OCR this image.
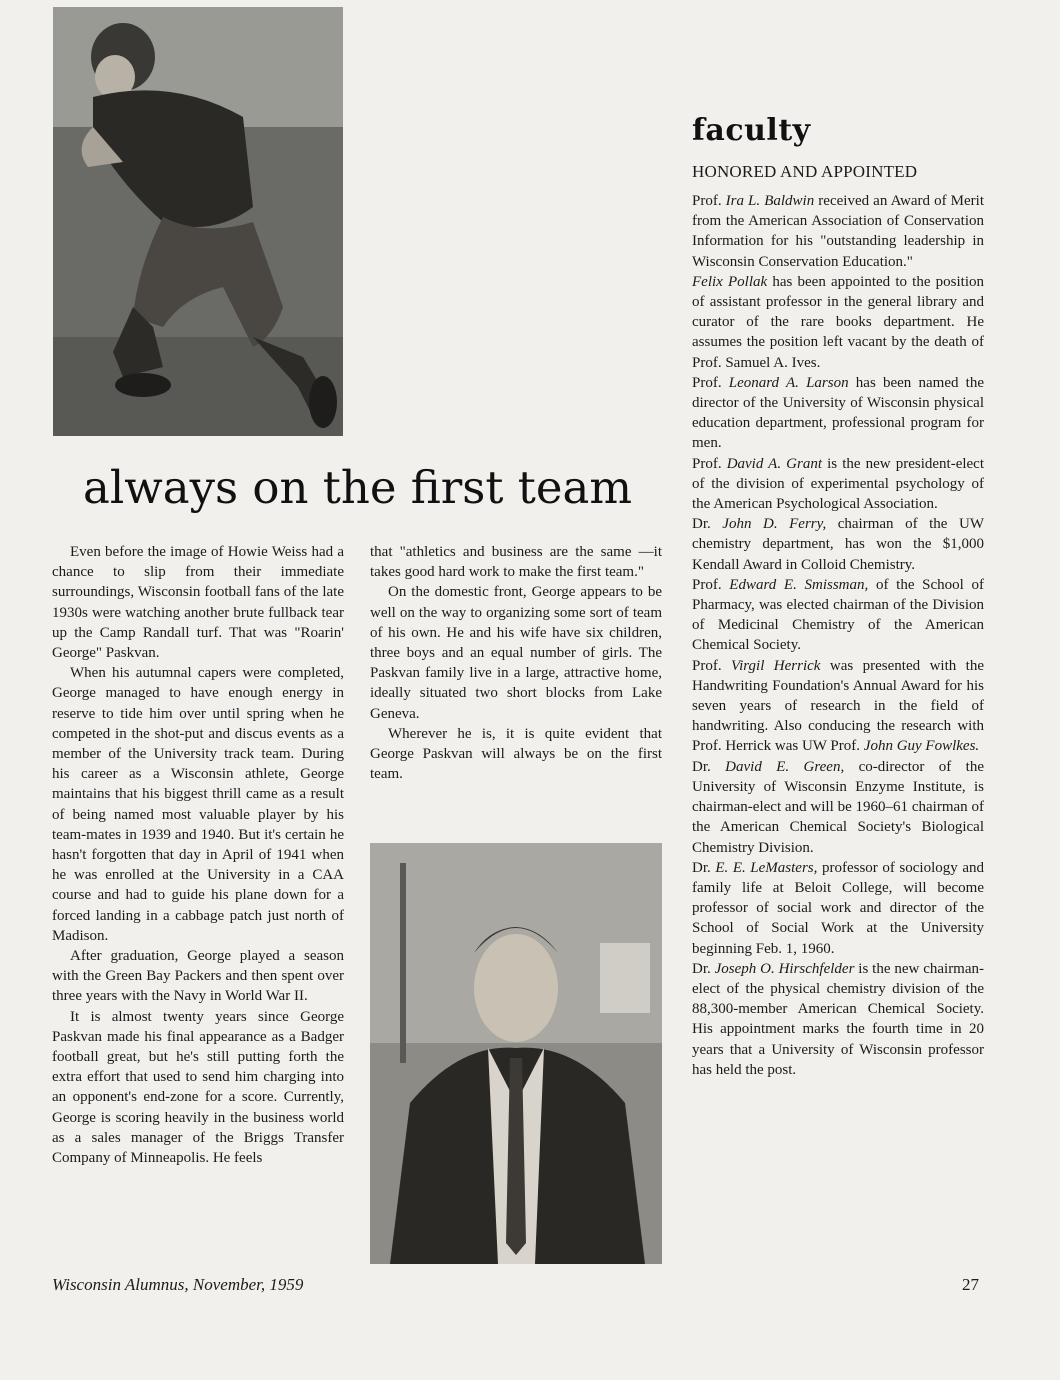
always on the first team

Even before the image of Howie Weiss had a chance to slip from their immediate surroundings, Wisconsin football fans of the late 1930s were watching another brute fullback tear up the Camp Randall turf. That was "Roarin' George" Paskvan.

When his autumnal capers were completed, George managed to have enough energy in reserve to tide him over until spring when he competed in the shot-put and discus events as a member of the University track team. During his career as a Wisconsin athlete, George maintains that his biggest thrill came as a result of being named most valuable player by his team-mates in 1939 and 1940. But it's certain he hasn't forgotten that day in April of 1941 when he was enrolled at the University in a CAA course and had to guide his plane down for a forced landing in a cabbage patch just north of Madison.

After graduation, George played a season with the Green Bay Packers and then spent over three years with the Navy in World War II.

It is almost twenty years since George Paskvan made his final appearance as a Badger football great, but he's still putting forth the extra effort that used to send him charging into an opponent's end-zone for a score. Currently, George is scoring heavily in the business world as a sales manager of the Briggs Transfer Company of Minneapolis. He feels

that "athletics and business are the same —it takes good hard work to make the first team."

On the domestic front, George appears to be well on the way to organizing some sort of team of his own. He and his wife have six children, three boys and an equal number of girls. The Paskvan family live in a large, attractive home, ideally situated two short blocks from Lake Geneva.

Wherever he is, it is quite evident that George Paskvan will always be on the first team.

faculty
HONORED AND APPOINTED

Prof. Ira L. Baldwin received an Award of Merit from the American Association of Conservation Information for his "outstanding leadership in Wisconsin Conservation Education."

Felix Pollak has been appointed to the position of assistant professor in the general library and curator of the rare books department. He assumes the position left vacant by the death of Prof. Samuel A. Ives.

Prof. Leonard A. Larson has been named the director of the University of Wisconsin physical education department, professional program for men.

Prof. David A. Grant is the new president-elect of the division of experimental psychology of the American Psychological Association.

Dr. John D. Ferry, chairman of the UW chemistry department, has won the $1,000 Kendall Award in Colloid Chemistry.

Prof. Edward E. Smissman, of the School of Pharmacy, was elected chairman of the Division of Medicinal Chemistry of the American Chemical Society.

Prof. Virgil Herrick was presented with the Handwriting Foundation's Annual Award for his seven years of research in the field of handwriting. Also conducing the research with Prof. Herrick was UW Prof. John Guy Fowlkes.

Dr. David E. Green, co-director of the University of Wisconsin Enzyme Institute, is chairman-elect and will be 1960–61 chairman of the American Chemical Society's Biological Chemistry Division.

Dr. E. E. LeMasters, professor of sociology and family life at Beloit College, will become professor of social work and director of the School of Social Work at the University beginning Feb. 1, 1960.

Dr. Joseph O. Hirschfelder is the new chairman-elect of the physical chemistry division of the 88,300-member American Chemical Society. His appointment marks the fourth time in 20 years that a University of Wisconsin professor has held the post.

Wisconsin Alumnus, November, 1959	27
